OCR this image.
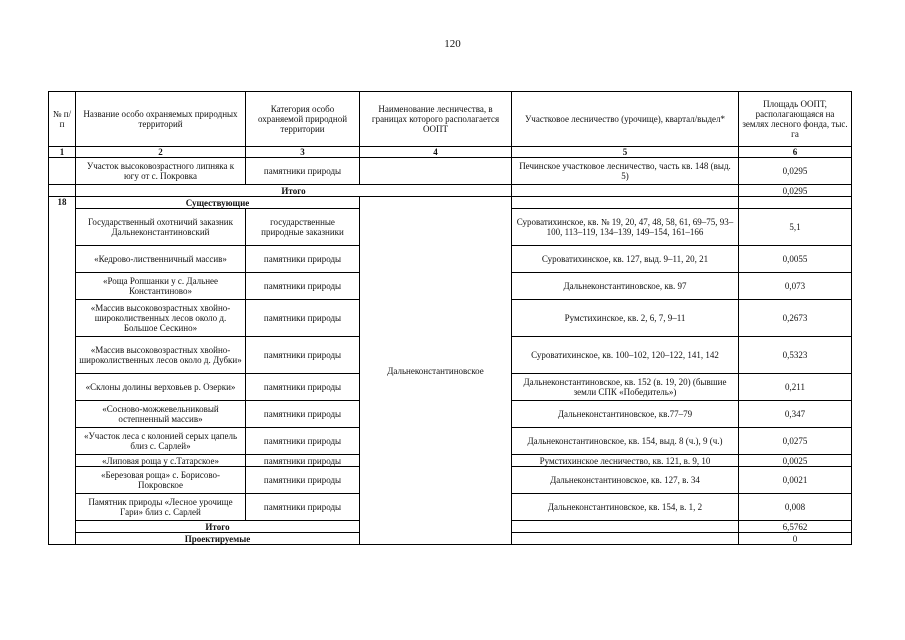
120
№ п/п	Название особо охраняемых природных территорий	Категория особо охраняемой природной территории	Наименование лесничества, в границах которого располагается ООПТ	Участковое лесничество (урочище), квартал/выдел*	Площадь ООПТ, располагающаяся на землях лесного фонда, тыс. га
1	2	3	4	5	6
	Участок высоковозрастного липняка к югу от с. Покровка	памятники природы		Печинское участковое лесничество, часть кв. 148 (выд. 5)	0,0295
	Итого				0,0295
18	Существующие		Дальнеконстантиновское		
	Государственный охотничий заказник Дальнеконстантиновский	государственные природные заказники		Суроватихинское, кв. № 19, 20, 47, 48, 58, 61, 69–75, 93–100, 113–119, 134–139, 149–154, 161–166	5,1
	«Кедрово-лиственничный массив»	памятники природы		Суроватихинское, кв. 127, выд. 9–11, 20, 21	0,0055
	«Роща Ропшанки у с. Дальнее Константиново»	памятники природы		Дальнеконстантиновское, кв. 97	0,073
	«Массив высоковозрастных хвойно-широколиственных лесов около д. Большое Сескино»	памятники природы		Румстихинское, кв. 2, 6, 7, 9–11	0,2673
	«Массив высоковозрастных хвойно-широколиственных лесов около д. Дубки»	памятники природы		Суроватихинское, кв. 100–102, 120–122, 141, 142	0,5323
	«Склоны долины верховьев р. Озерки»	памятники природы		Дальнеконстантиновское, кв. 152 (в. 19, 20) (бывшие земли СПК «Победитель»)	0,211
	«Сосново-можжевельниковый остепненный массив»	памятники природы		Дальнеконстантиновское, кв.77–79	0,347
	«Участок леса с колонией серых цапель близ с. Сарлей»	памятники природы		Дальнеконстантиновское, кв. 154, выд. 8 (ч.), 9 (ч.)	0,0275
	«Липовая роща у с.Татарское»	памятники природы		Румстихинское лесничество, кв. 121, в. 9, 10	0,0025
	«Березовая роща» с. Борисово-Покровское	памятники природы		Дальнеконстантиновское, кв. 127, в. 34	0,0021
	Памятник природы «Лесное урочище Гари» близ с. Сарлей	памятники природы		Дальнеконстантиновское, кв. 154, в. 1, 2	0,008
	Итого				6,5762
	Проектируемые				0
